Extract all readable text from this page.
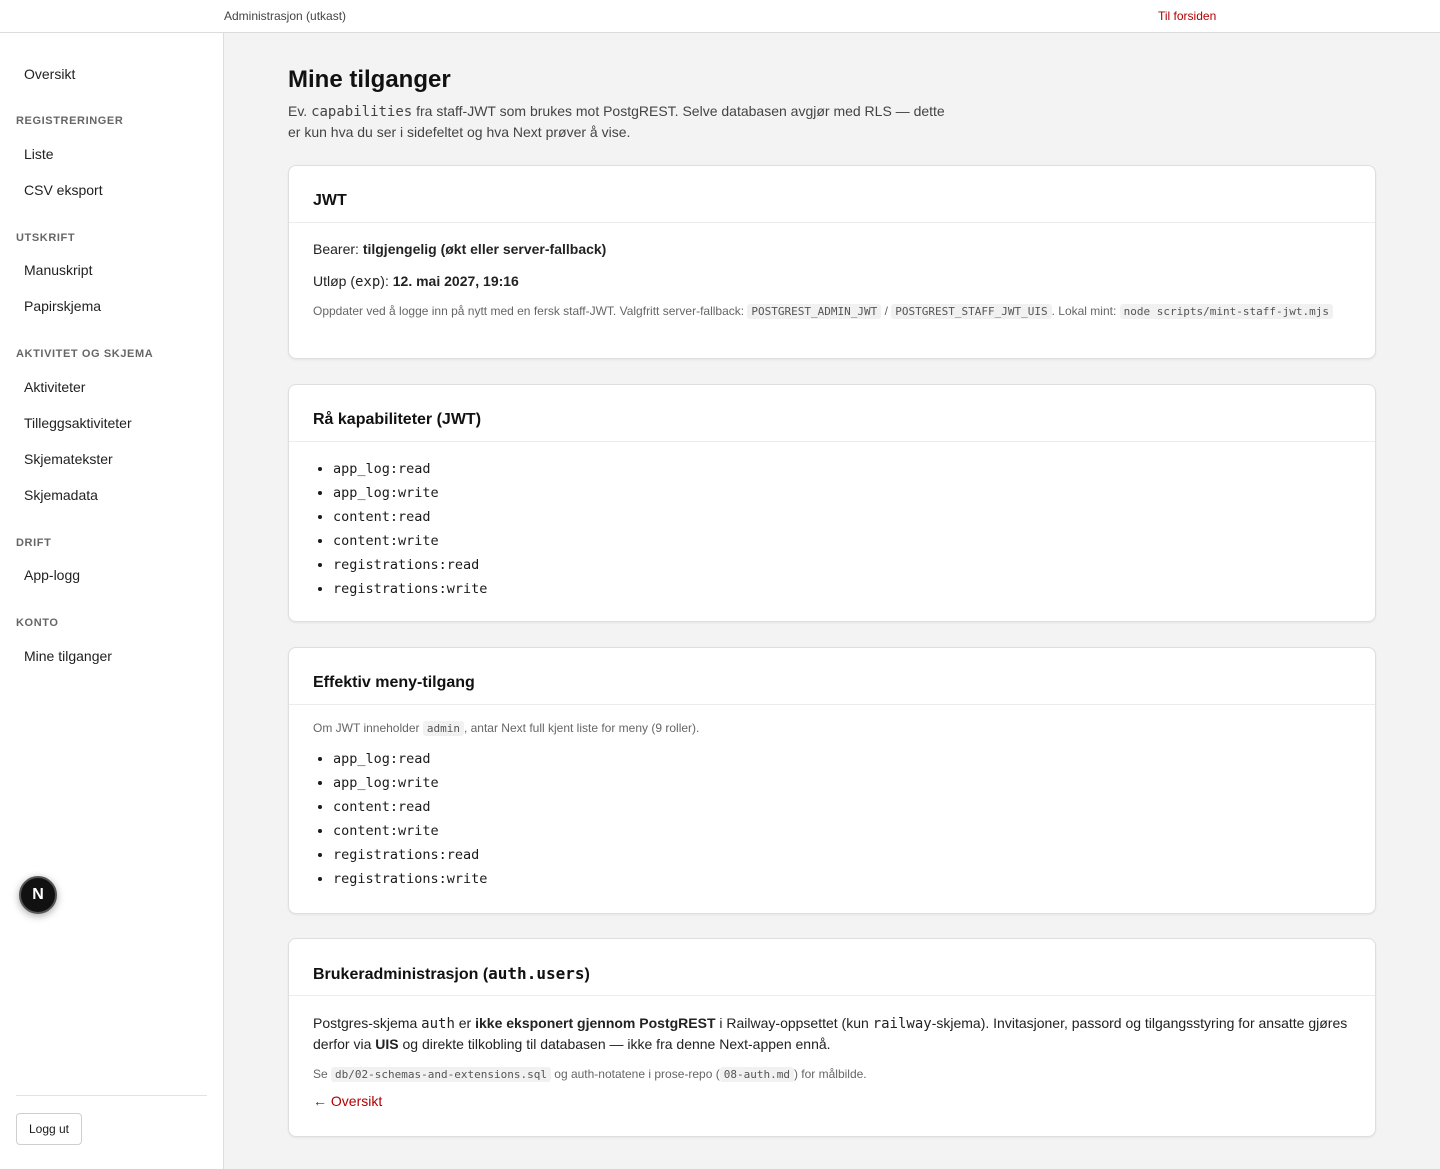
Administrasjon (utkast)	Til forsiden
Oversikt
REGISTRERINGER
Liste
CSV eksport
UTSKRIFT
Manuskript
Papirskjema
AKTIVITET OG SKJEMA
Aktiviteter
Tilleggsaktiviteter
Skjematekster
Skjemadata
DRIFT
App-logg
KONTO
Mine tilganger
N
Logg ut
Mine tilganger

Ev. capabilities fra staff-JWT som brukes mot PostgREST. Selve databasen avgjør med RLS — dette er kun hva du ser i sidefeltet og hva Next prøver å vise.

JWT

Bearer: tilgjengelig (økt eller server-fallback)

Utløp (exp): 12. mai 2027, 19:16

Oppdater ved å logge inn på nytt med en fersk staff-JWT. Valgfritt server-fallback: POSTGREST_ADMIN_JWT / POSTGREST_STAFF_JWT_UIS . Lokal mint: node scripts/mint-staff-jwt.mjs

Rå kapabiliteter (JWT)
• app_log:read
• app_log:write
• content:read
• content:write
• registrations:read
• registrations:write
Effektiv meny-tilgang

Om JWT inneholder admin , antar Next full kjent liste for meny (9 roller).

• app_log:read
• app_log:write
• content:read
• content:write
• registrations:read
• registrations:write
Brukeradministrasjon (auth.users)

Postgres-skjema auth er ikke eksponert gjennom PostgREST i Railway-oppsettet (kun railway-skjema). Invitasjoner, passord og tilgangsstyring for ansatte gjøres derfor via UIS og direkte tilkobling til databasen — ikke fra denne Next-appen ennå.

Se db/02-schemas-and-extensions.sql og auth-notatene i prose-repo ( 08-auth.md ) for målbilde.

← Oversikt
